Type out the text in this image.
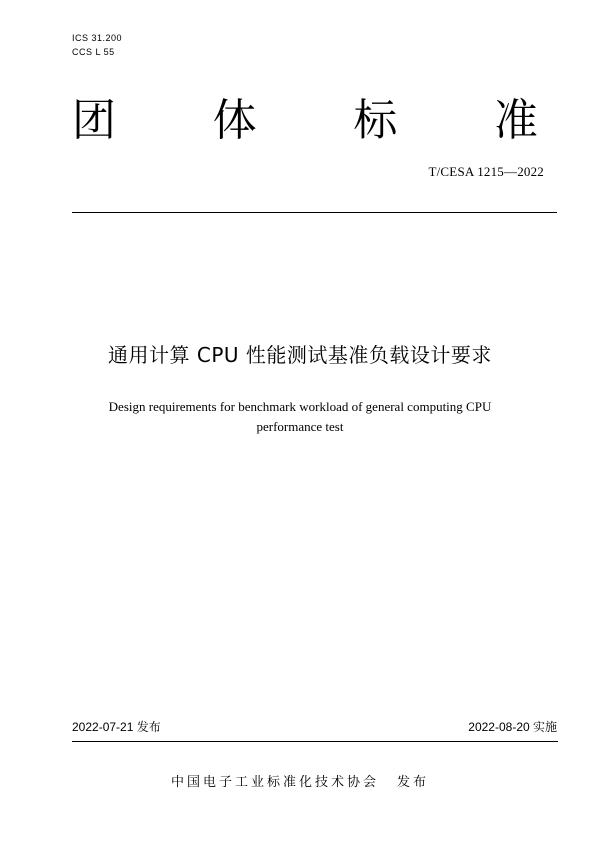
ICS 31.200
CCS L 55
团 体 标 准
T/CESA 1215—2022
通用计算 CPU 性能测试基准负载设计要求
Design requirements for benchmark workload of general computing CPU
performance test
2022-07-21 发布	2022-08-20 实施
中国电子工业标准化技术协会 发布
